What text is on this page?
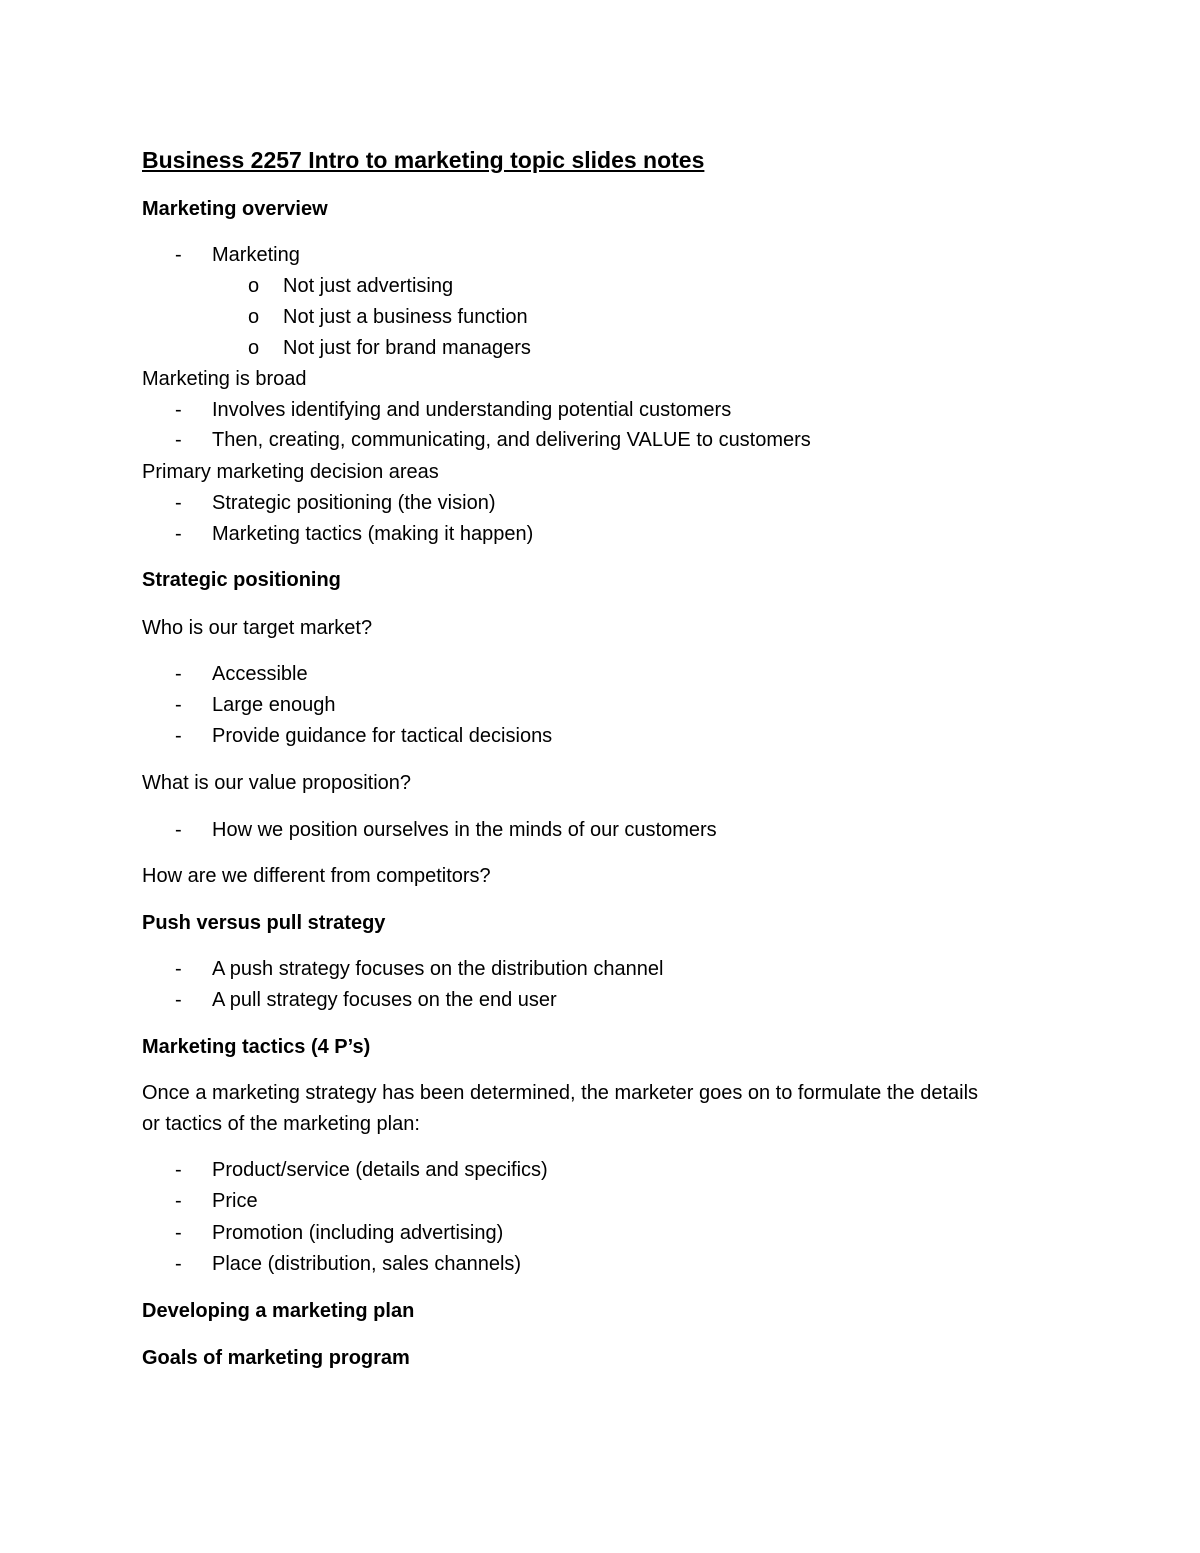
Business 2257 Intro to marketing topic slides notes
Marketing overview
- Marketing
o Not just advertising
o Not just a business function
o Not just for brand managers
Marketing is broad
- Involves identifying and understanding potential customers
- Then, creating, communicating, and delivering VALUE to customers
Primary marketing decision areas
- Strategic positioning (the vision)
- Marketing tactics (making it happen)
Strategic positioning
Who is our target market?
- Accessible
- Large enough
- Provide guidance for tactical decisions
What is our value proposition?
- How we position ourselves in the minds of our customers
How are we different from competitors?
Push versus pull strategy
- A push strategy focuses on the distribution channel
- A pull strategy focuses on the end user
Marketing tactics (4 P’s)
Once a marketing strategy has been determined, the marketer goes on to formulate the details
or tactics of the marketing plan:
- Product/service (details and specifics)
- Price
- Promotion (including advertising)
- Place (distribution, sales channels)
Developing a marketing plan
Goals of marketing program
